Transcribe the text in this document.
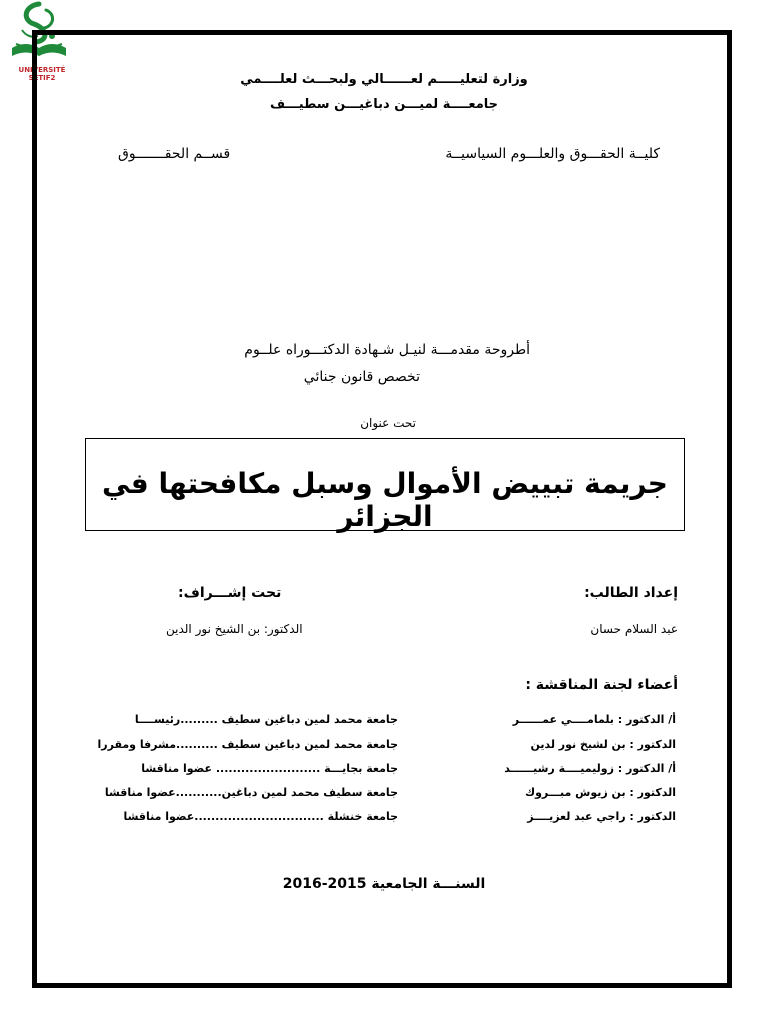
UNIVERSITÉ SÉTIF2	وزارة لتعليـــــم لعــــــالي ولبحـــث لعلــــمي
جامعــــة لميـــن دباغيـــن سطيـــف
كليــة الحقـــوق والعلـــوم السياسيــة
قســم الحقـــــــوق
أطروحة مقدمـــة لنيـل شـهادة الدكتـــوراه علــوم
تخصص قانون جنائي
تحت عنوان
جريمة تبييض الأموال وسبل مكافحتها في الجزائر
إعداد الطالب:
عبد السلام حسان
تحت إشـــراف:
الدكتور: بن الشيخ نور الدين
أعضاء لجنة المناقشة :
أ/ الدكتور : بلمامــــي عمــــــر
جامعة محمد لمين دباغين سطيف .........رئيســــا
الدكتور : بن لشيخ نور لدين
جامعة محمد لمين دباغين سطيف ..........مشرفا ومقررا
أ/ الدكتور : زوليميــــة رشيــــــد
جامعة بجايـــة ......................... عضوا مناقشا
الدكتور : بن زيوش مبـــروك
جامعة سطيف محمد لمين دباغين...........عضوا مناقشا
الدكتور : راجي عبد لعزيــــز
جامعة خنشلة ...............................عضوا مناقشا
السنـــة الجامعية 2015-2016
